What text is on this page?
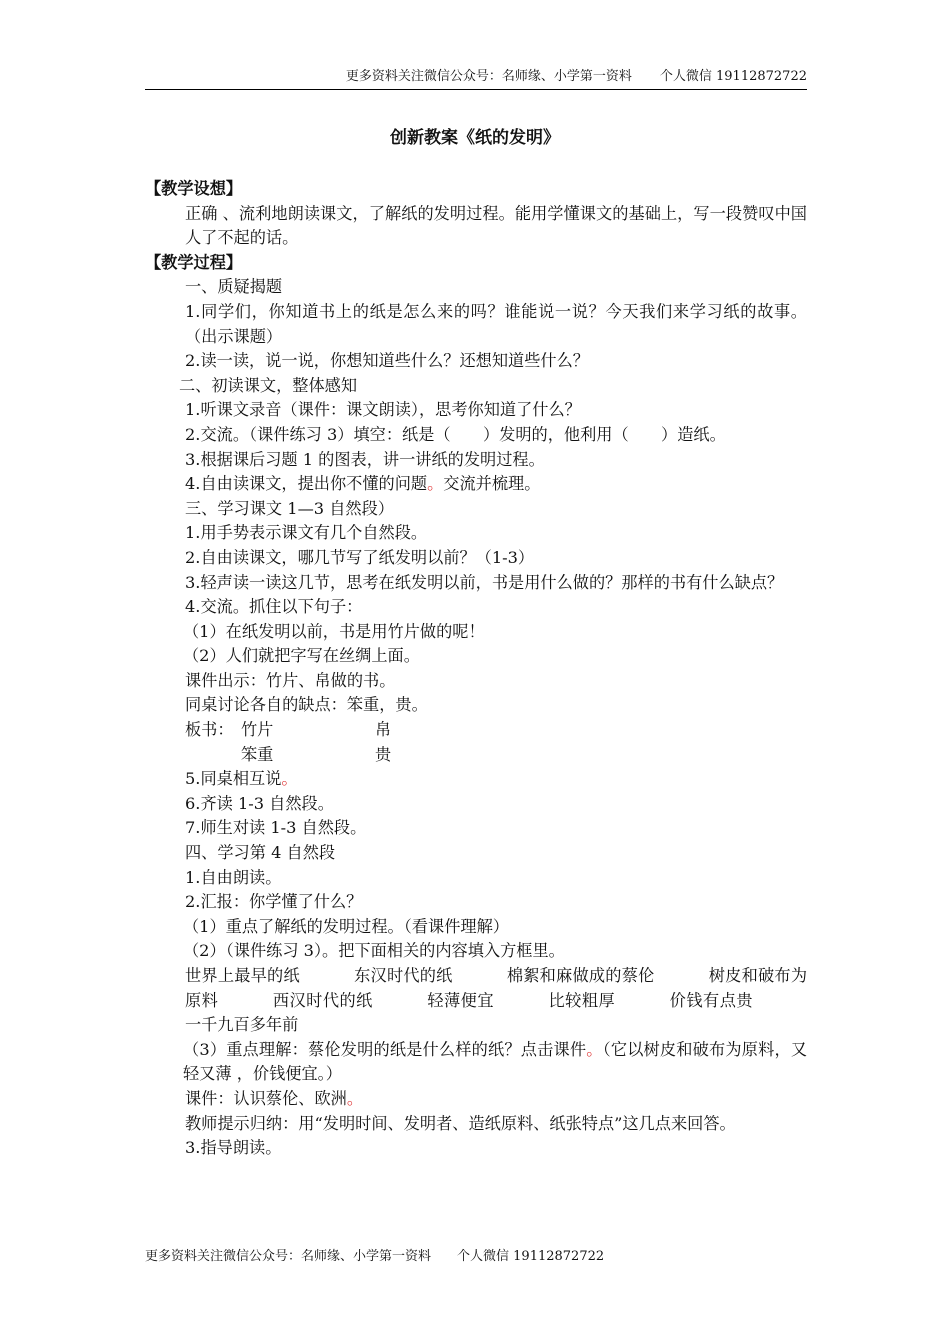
更多资料关注微信公众号：名师缘、小学第一资料 个人微信 19112872722
创新教案《纸的发明》
【教学设想】
正确 、流利地朗读课文，了解纸的发明过程。能用学懂课文的基础上，写一段赞叹中国人了不起的话。
【教学过程】
一、质疑揭题
1.同学们，你知道书上的纸是怎么来的吗？谁能说一说？今天我们来学习纸的故事。（出示课题）
2.读一读，说一说，你想知道些什么？还想知道些什么？
二、初读课文，整体感知
1.听课文录音（课件：课文朗读），思考你知道了什么？
2.交流。（课件练习 3）填空：纸是（　　）发明的，他利用（　　）造纸。
3.根据课后习题 1 的图表，讲一讲纸的发明过程。
4.自由读课文，提出你不懂的问题。交流并梳理。
三、学习课文 1—3 自然段）
1.用手势表示课文有几个自然段。
2.自由读课文，哪几节写了纸发明以前？（1-3）
3.轻声读一读这几节，思考在纸发明以前，书是用什么做的？那样的书有什么缺点？
4.交流。抓住以下句子：
（1）在纸发明以前，书是用竹片做的呢！
（2）人们就把字写在丝绸上面。
课件出示：竹片、帛做的书。
同桌讨论各自的缺点：笨重，贵。
板书： 竹片	帛
笨重	贵
5.同桌相互说。
6.齐读 1-3 自然段。
7.师生对读 1-3 自然段。
四、学习第 4 自然段
1.自由朗读。
2.汇报：你学懂了什么？
（1）重点了解纸的发明过程。（看课件理解）
（2）（课件练习 3）。把下面相关的内容填入方框里。
世界上最早的纸	东汉时代的纸	棉絮和麻做成的蔡伦	树皮和破布为原料	西汉时代的纸	轻薄便宜	比较粗厚	价钱有点贵一千九百多年前
（3）重点理解：蔡伦发明的纸是什么样的纸？点击课件。（它以树皮和破布为原料，又轻又薄 ，价钱便宜。）
课件：认识蔡伦、欧洲。
教师提示归纳：用“发明时间、发明者、造纸原料、纸张特点”这几点来回答。
3.指导朗读。
更多资料关注微信公众号：名师缘、小学第一资料 个人微信 19112872722
